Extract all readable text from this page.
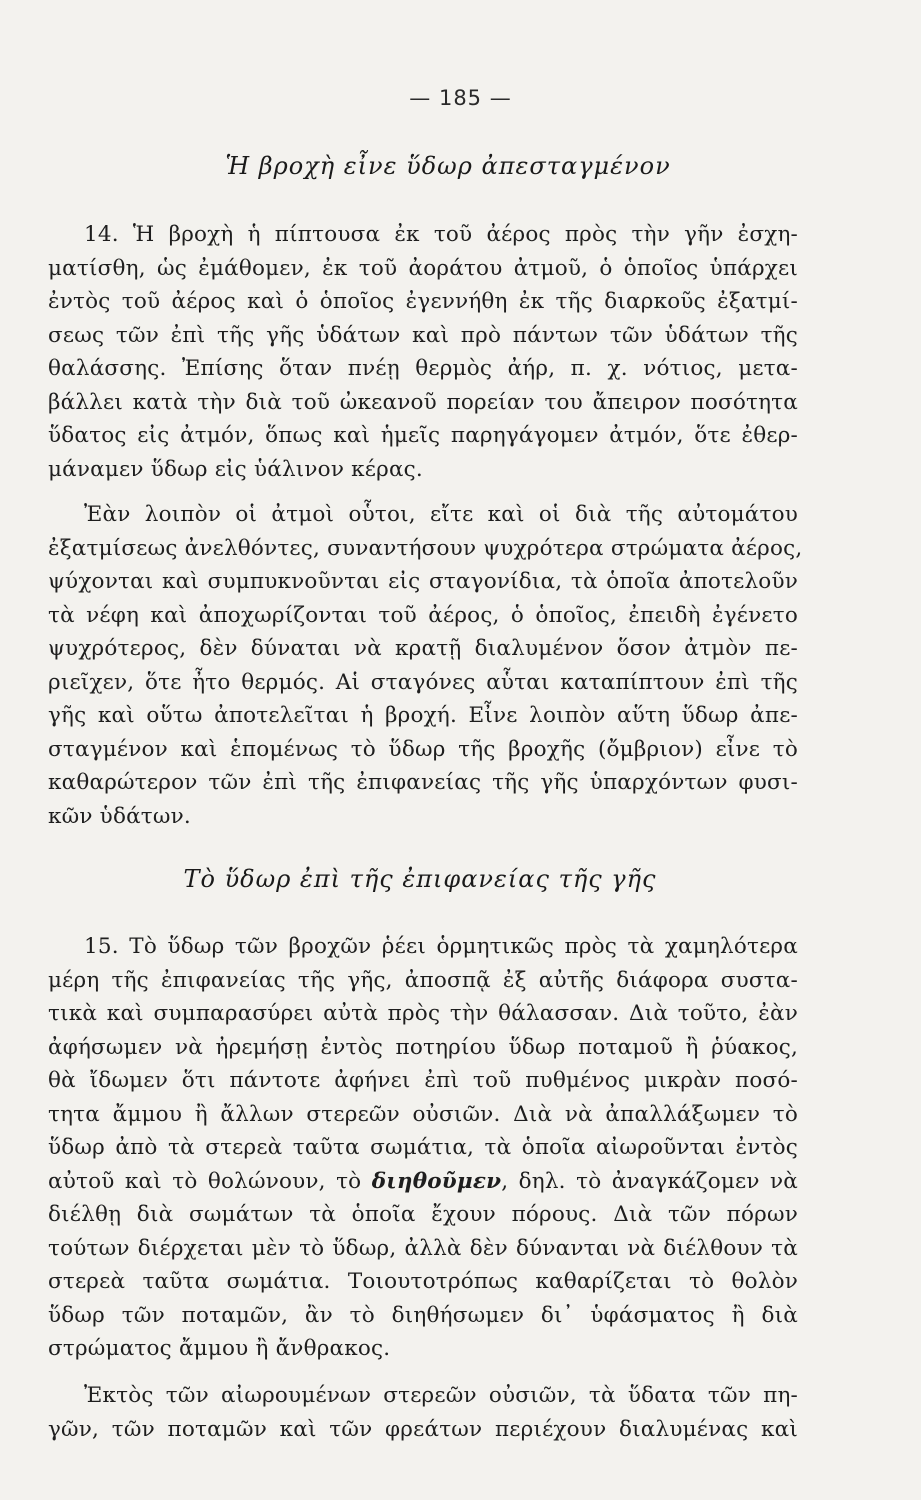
— 185 —
Ἡ βροχὴ εἶνε ὕδωρ ἀπεσταγμένον
14. Ἡ βροχὴ ἡ πίπτουσα ἐκ τοῦ ἀέρος πρὸς τὴν γῆν ἐσχη-
ματίσθη, ὡς ἐμάθομεν, ἐκ τοῦ ἀοράτου ἀτμοῦ, ὁ ὁποῖος ὑπάρχει
ἐντὸς τοῦ ἀέρος καὶ ὁ ὁποῖος ἐγεννήθη ἐκ τῆς διαρκοῦς ἐξατμί-
σεως τῶν ἐπὶ τῆς γῆς ὑδάτων καὶ πρὸ πάντων τῶν ὑδάτων τῆς
θαλάσσης. Ἐπίσης ὅταν πνέῃ θερμὸς ἀήρ, π. χ. νότιος, μετα-
βάλλει κατὰ τὴν διὰ τοῦ ὠκεανοῦ πορείαν του ἄπειρον ποσότητα
ὕδατος εἰς ἀτμόν, ὅπως καὶ ἡμεῖς παρηγάγομεν ἀτμόν, ὅτε ἐθερ-
μάναμεν ὕδωρ εἰς ὑάλινον κέρας.
Ἐὰν λοιπὸν οἱ ἀτμοὶ οὗτοι, εἴτε καὶ οἱ διὰ τῆς αὐτομάτου
ἐξατμίσεως ἀνελθόντες, συναντήσουν ψυχρότερα στρώματα ἀέρος,
ψύχονται καὶ συμπυκνοῦνται εἰς σταγονίδια, τὰ ὁποῖα ἀποτελοῦν
τὰ νέφη καὶ ἀποχωρίζονται τοῦ ἀέρος, ὁ ὁποῖος, ἐπειδὴ ἐγένετο
ψυχρότερος, δὲν δύναται νὰ κρατῇ διαλυμένον ὅσον ἀτμὸν πε-
ριεῖχεν, ὅτε ἦτο θερμός. Αἱ σταγόνες αὗται καταπίπτουν ἐπὶ τῆς
γῆς καὶ οὕτω ἀποτελεῖται ἡ βροχή. Εἶνε λοιπὸν αὕτη ὕδωρ ἀπε-
σταγμένον καὶ ἑπομένως τὸ ὕδωρ τῆς βροχῆς (ὄμβριον) εἶνε τὸ
καθαρώτερον τῶν ἐπὶ τῆς ἐπιφανείας τῆς γῆς ὑπαρχόντων φυσι-
κῶν ὑδάτων.
Τὸ ὕδωρ ἐπὶ τῆς ἐπιφανείας τῆς γῆς
15. Τὸ ὕδωρ τῶν βροχῶν ῥέει ὁρμητικῶς πρὸς τὰ χαμηλότερα
μέρη τῆς ἐπιφανείας τῆς γῆς, ἀποσπᾷ ἐξ αὐτῆς διάφορα συστα-
τικὰ καὶ συμπαρασύρει αὐτὰ πρὸς τὴν θάλασσαν. Διὰ τοῦτο, ἐὰν
ἀφήσωμεν νὰ ἠρεμήσῃ ἐντὸς ποτηρίου ὕδωρ ποταμοῦ ἢ ῥύακος,
θὰ ἴδωμεν ὅτι πάντοτε ἀφήνει ἐπὶ τοῦ πυθμένος μικρὰν ποσό-
τητα ἄμμου ἢ ἄλλων στερεῶν οὐσιῶν. Διὰ νὰ ἀπαλλάξωμεν τὸ
ὕδωρ ἀπὸ τὰ στερεὰ ταῦτα σωμάτια, τὰ ὁποῖα αἰωροῦνται ἐντὸς
αὐτοῦ καὶ τὸ θολώνουν, τὸ διηθοῦμεν, δηλ. τὸ ἀναγκάζομεν νὰ
διέλθῃ διὰ σωμάτων τὰ ὁποῖα ἔχουν πόρους. Διὰ τῶν πόρων
τούτων διέρχεται μὲν τὸ ὕδωρ, ἀλλὰ δὲν δύνανται νὰ διέλθουν τὰ
στερεὰ ταῦτα σωμάτια. Τοιουτοτρόπως καθαρίζεται τὸ θολὸν
ὕδωρ τῶν ποταμῶν, ἂν τὸ διηθήσωμεν δι᾿ ὑφάσματος ἢ διὰ
στρώματος ἄμμου ἢ ἄνθρακος.
Ἐκτὸς τῶν αἰωρουμένων στερεῶν οὐσιῶν, τὰ ὕδατα τῶν πη-
γῶν, τῶν ποταμῶν καὶ τῶν φρεάτων περιέχουν διαλυμένας καὶ
